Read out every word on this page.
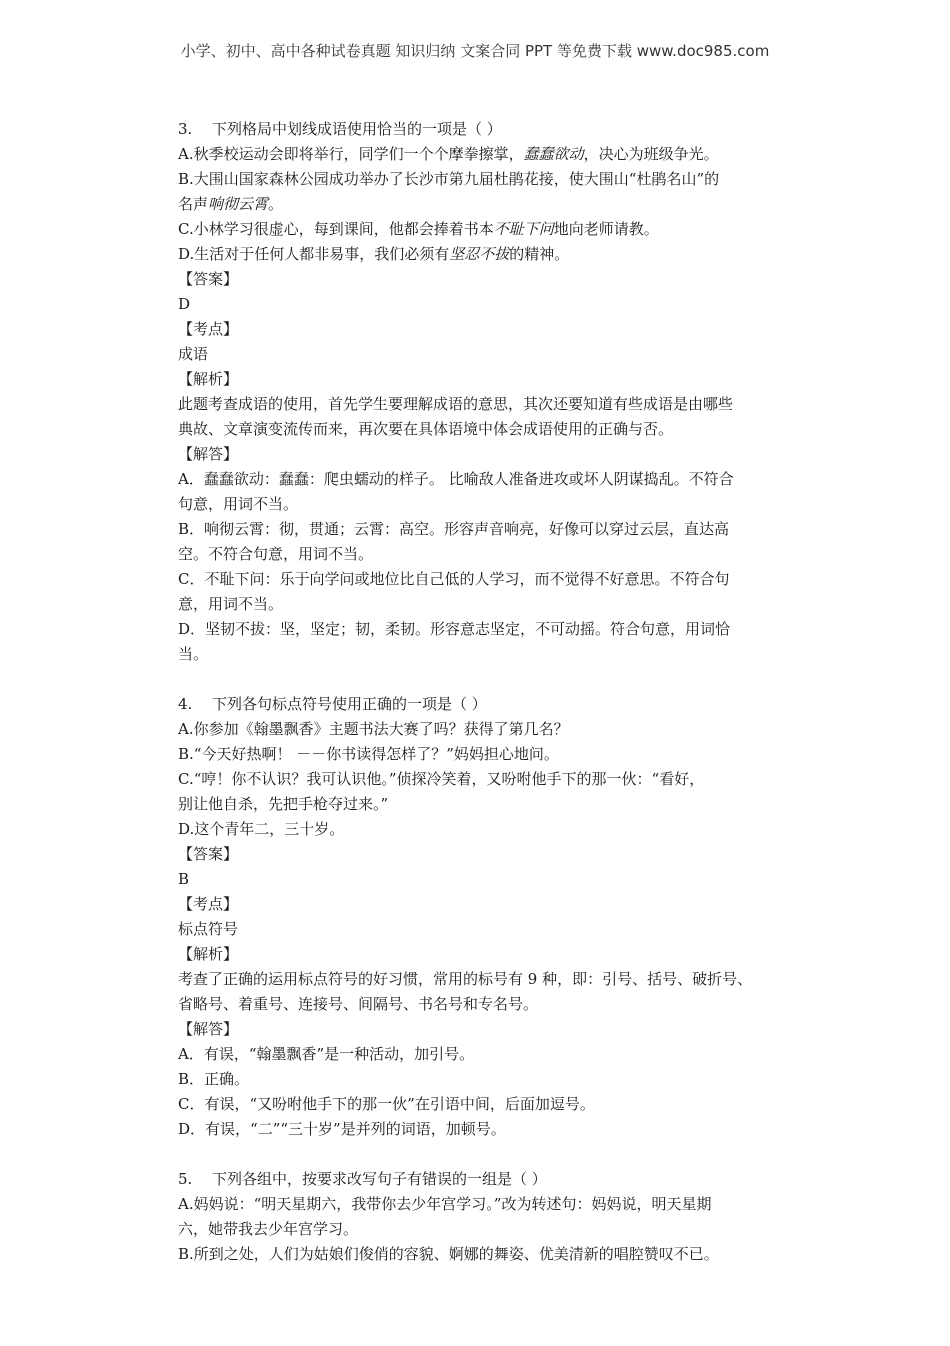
小学、初中、高中各种试卷真题 知识归纳 文案合同 PPT 等免费下载 www.doc985.com
3. 下列格局中划线成语使用恰当的一项是（ ）
A.秋季校运动会即将举行，同学们一个个摩拳擦掌，蠢蠢欲动，决心为班级争光。
B.大围山国家森林公园成功举办了长沙市第九届杜鹃花接，使大围山“杜鹃名山”的
名声响彻云霄。
C.小林学习很虚心，每到课间，他都会捧着书本不耻下问地向老师请教。
D.生活对于任何人都非易事，我们必须有坚忍不拔的精神。
【答案】
D
【考点】
成语
【解析】
此题考查成语的使用，首先学生要理解成语的意思，其次还要知道有些成语是由哪些
典故、文章演变流传而来，再次要在具体语境中体会成语使用的正确与否。
【解答】
A．蠢蠢欲动：蠢蠢：爬虫蠕动的样子。 比喻敌人准备进攻或坏人阴谋捣乱。不符合
句意，用词不当。
B．响彻云霄：彻，贯通；云霄：高空。形容声音响亮，好像可以穿过云层，直达高
空。不符合句意，用词不当。
C．不耻下问：乐于向学问或地位比自己低的人学习，而不觉得不好意思。不符合句
意，用词不当。
D．坚韧不拔：坚，坚定；韧，柔韧。形容意志坚定，不可动摇。符合句意，用词恰
当。
4. 下列各句标点符号使用正确的一项是（ ）
A.你参加《翰墨飘香》主题书法大赛了吗？获得了第几名？
B.“今天好热啊！ －－你书读得怎样了？”妈妈担心地问。
C.“哼！你不认识？我可认识他。”侦探冷笑着，又吩咐他手下的那一伙：“看好，
别让他自杀，先把手枪夺过来。”
D.这个青年二，三十岁。
【答案】
B
【考点】
标点符号
【解析】
考查了正确的运用标点符号的好习惯，常用的标号有 9 种，即：引号、括号、破折号、
省略号、着重号、连接号、间隔号、书名号和专名号。
【解答】
A．有误，“翰墨飘香”是一种活动，加引号。
B．正确。
C．有误，“又吩咐他手下的那一伙”在引语中间，后面加逗号。
D．有误，“二”“三十岁”是并列的词语，加顿号。
5. 下列各组中，按要求改写句子有错误的一组是（ ）
A.妈妈说：“明天星期六，我带你去少年宫学习。”改为转述句：妈妈说，明天星期
六，她带我去少年宫学习。
B.所到之处，人们为姑娘们俊俏的容貌、婀娜的舞姿、优美清新的唱腔赞叹不已。
